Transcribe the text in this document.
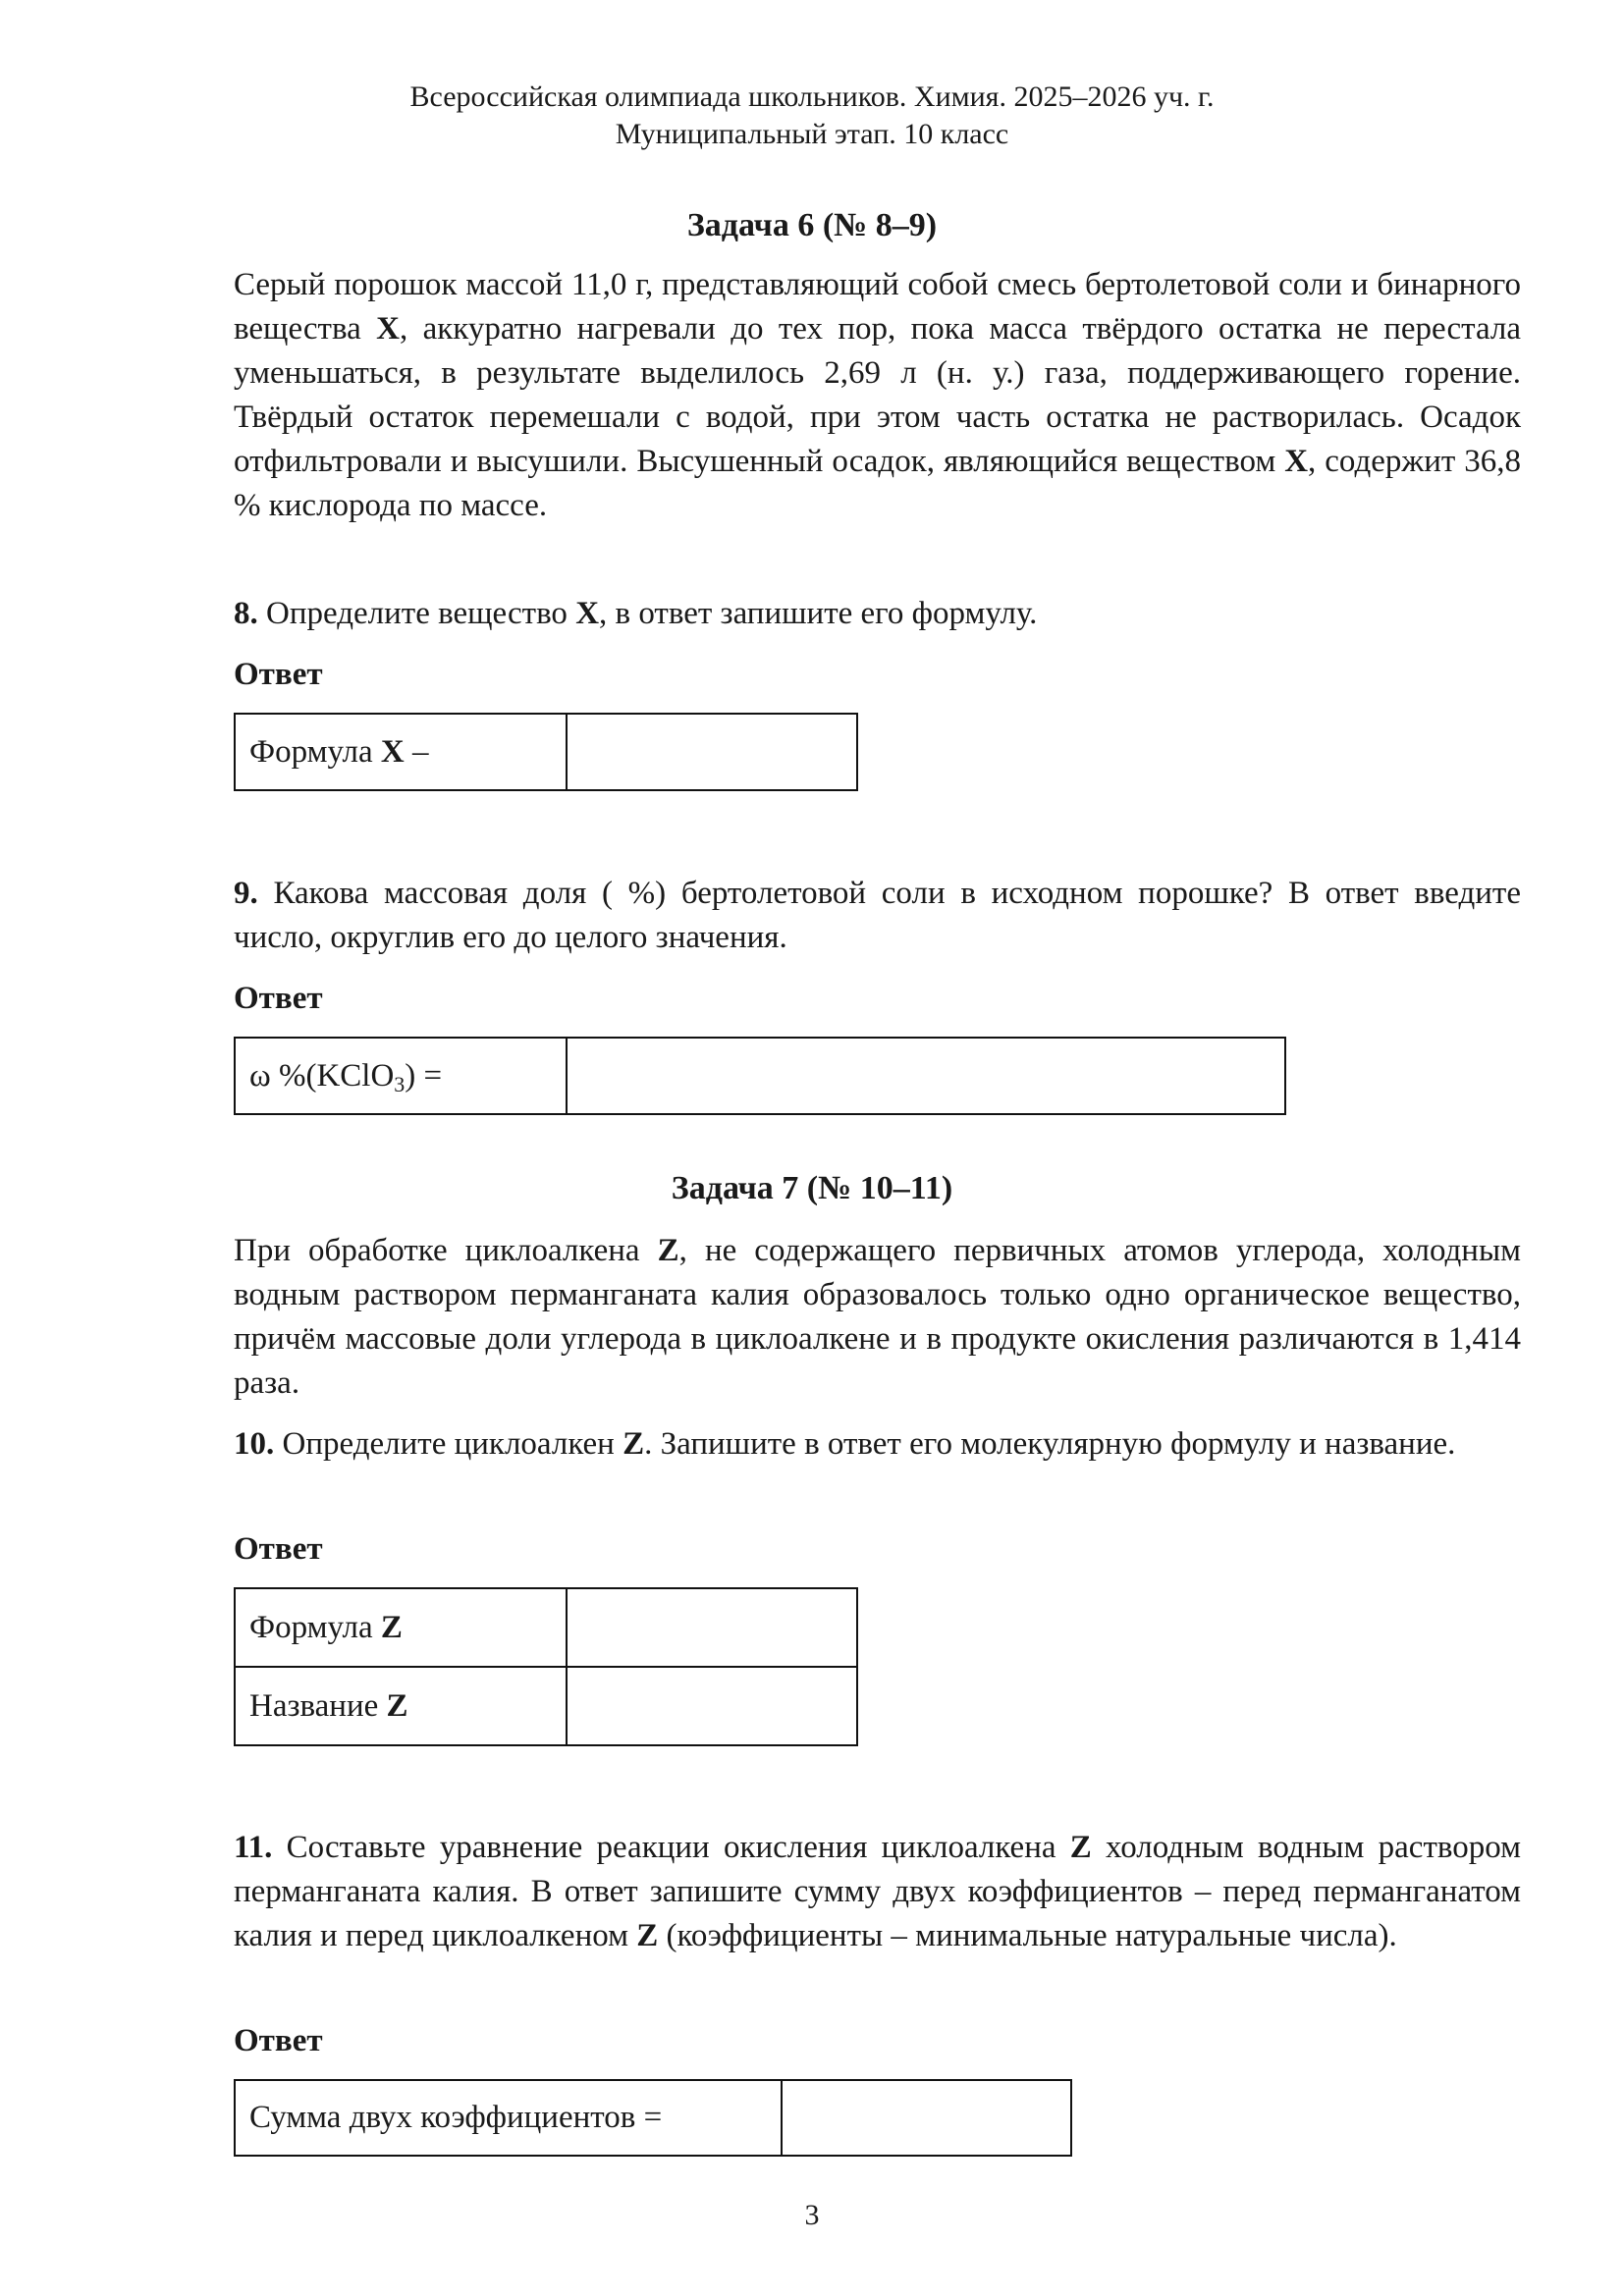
Всероссийская олимпиада школьников. Химия. 2025–2026 уч. г.
Муниципальный этап. 10 класс
Задача 6 (№ 8–9)

Серый порошок массой 11,0 г, представляющий собой смесь бертолетовой соли и бинарного вещества X, аккуратно нагревали до тех пор, пока масса твёрдого остатка не перестала уменьшаться, в результате выделилось 2,69 л (н. у.) газа, поддерживающего горение. Твёрдый остаток перемешали с водой, при этом часть остатка не растворилась. Осадок отфильтровали и высушили. Высушенный осадок, являющийся веществом X, содержит 36,8 % кислорода по массе.

8. Определите вещество X, в ответ запишите его формулу.
Ответ
Формула X –	
9. Какова массовая доля ( %) бертолетовой соли в исходном порошке? В ответ введите число, округлив его до целого значения.
Ответ
ω %(KClO$_3$) =	
Задача 7 (№ 10–11)

При обработке циклоалкена Z, не содержащего первичных атомов углерода, холодным водным раствором перманганата калия образовалось только одно органическое вещество, причём массовые доли углерода в циклоалкене и в продукте окисления различаются в 1,414 раза.

10. Определите циклоалкен Z. Запишите в ответ его молекулярную формулу и название.
Ответ
Формула Z	
Название Z	
11. Составьте уравнение реакции окисления циклоалкена Z холодным водным раствором перманганата калия. В ответ запишите сумму двух коэффициентов – перед перманганатом калия и перед циклоалкеном Z (коэффициенты – минимальные натуральные числа).
Ответ
Сумма двух коэффициентов =	
3
